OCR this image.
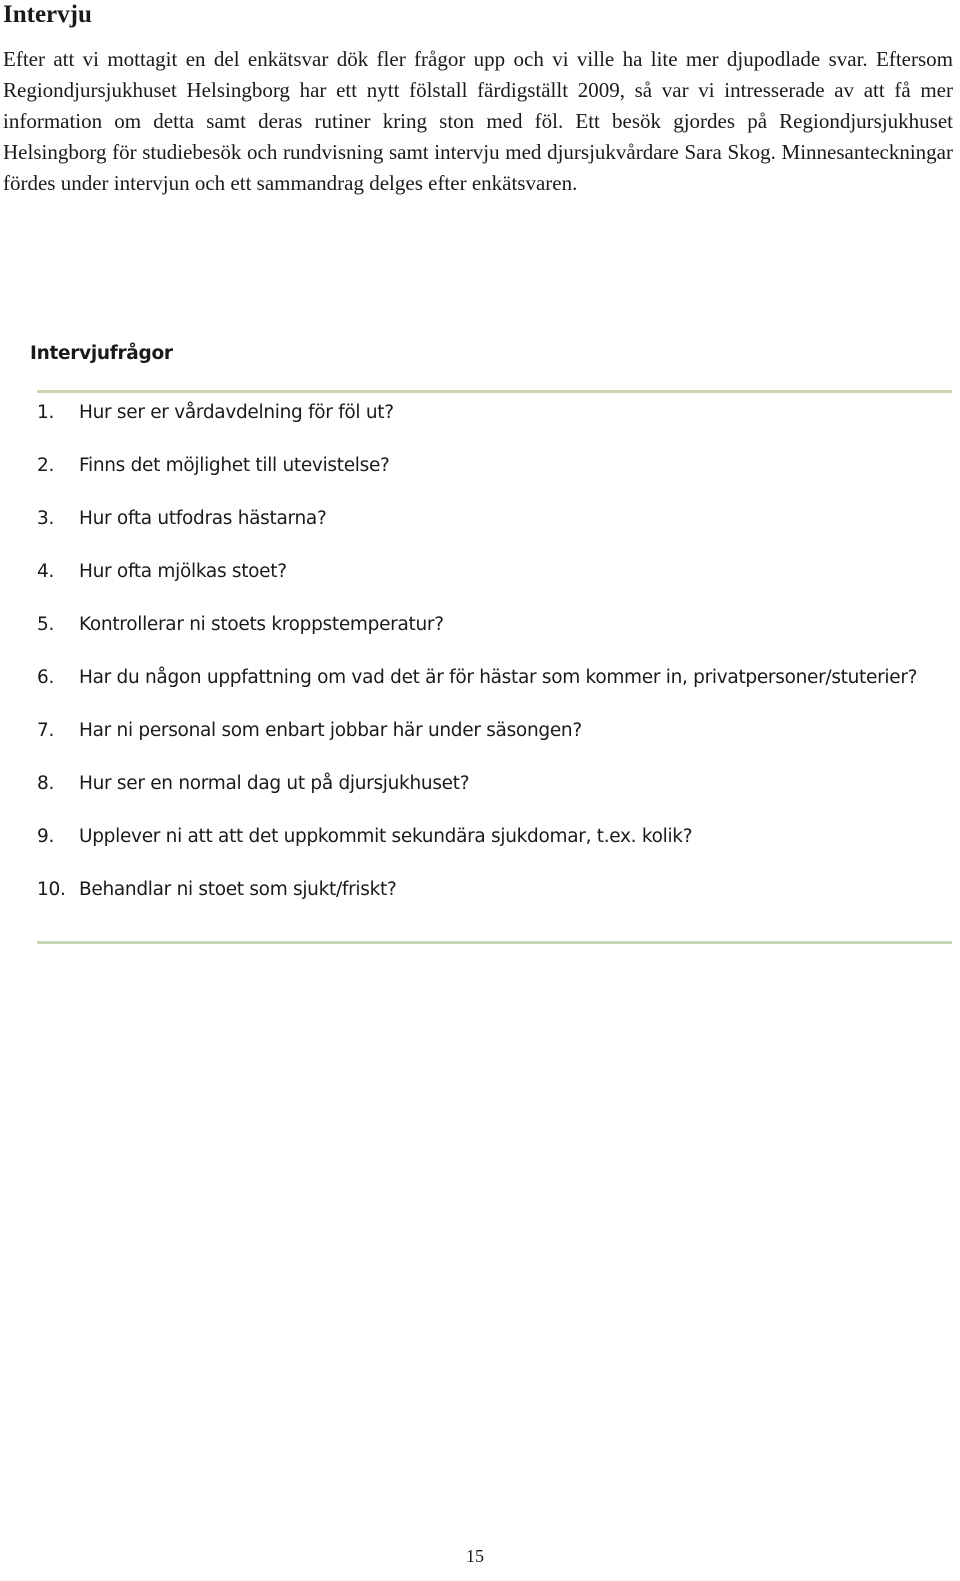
Intervju

Efter att vi mottagit en del enkätsvar dök fler frågor upp och vi ville ha lite mer djupodlade svar. Eftersom Regiondjursjukhuset Helsingborg har ett nytt fölstall färdigställt 2009, så var vi intresserade av att få mer information om detta samt deras rutiner kring ston med föl. Ett besök gjordes på Regiondjursjukhuset Helsingborg för studiebesök och rundvisning samt intervju med djursjukvårdare Sara Skog. Minnesanteckningar fördes under intervjun och ett sammandrag delges efter enkätsvaren.

Intervjufrågor
1.	Hur ser er vårdavdelning för föl ut?
2.	Finns det möjlighet till utevistelse?
3.	Hur ofta utfodras hästarna?
4.	Hur ofta mjölkas stoet?
5.	Kontrollerar ni stoets kroppstemperatur?
6.	Har du någon uppfattning om vad det är för hästar som kommer in, privatpersoner/stuterier?
7.	Har ni personal som enbart jobbar här under säsongen?
8.	Hur ser en normal dag ut på djursjukhuset?
9.	Upplever ni att att det uppkommit sekundära sjukdomar, t.ex. kolik?
10. Behandlar ni stoet som sjukt/friskt?
15
